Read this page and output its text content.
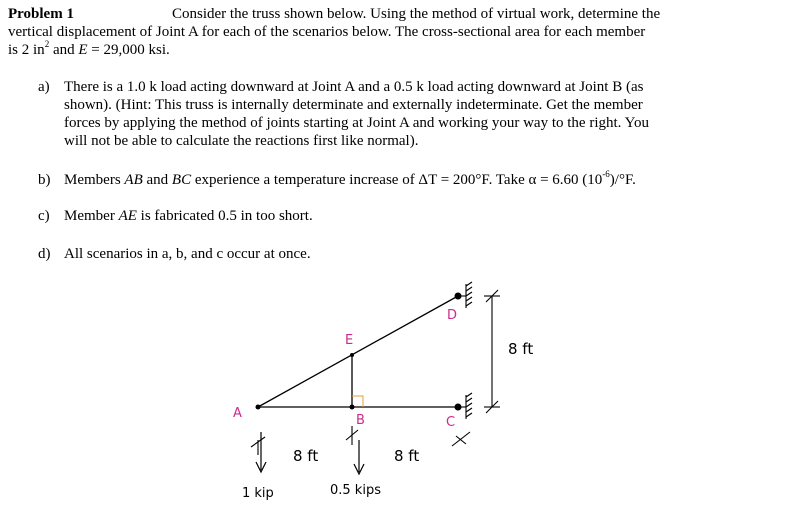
Problem 1	Consider the truss shown below. Using the method of virtual work, determine the
vertical displacement of Joint A for each of the scenarios below. The cross-sectional area for each member
is 2 $in^2$ and E = 29,000 ksi.
a) There is a 1.0 k load acting downward at Joint A and a 0.5 k load acting downward at Joint B (as
shown). (Hint: This truss is internally determinate and externally indeterminate. Get the member
forces by applying the method of joints starting at Joint A and working your way to the right. You
will not be able to calculate the reactions first like normal).
b) Members AB and BC experience a temperature increase of ΔT = 200°F. Take α = 6.60 $(10^{-6})/^\circ F$.
c) Member AE is fabricated 0.5 in too short.
d) All scenarios in a, b, and c occur at once.
A	B	C
D
E
8 ft	8 ft
8 ft
1 kip	0.5 kips
